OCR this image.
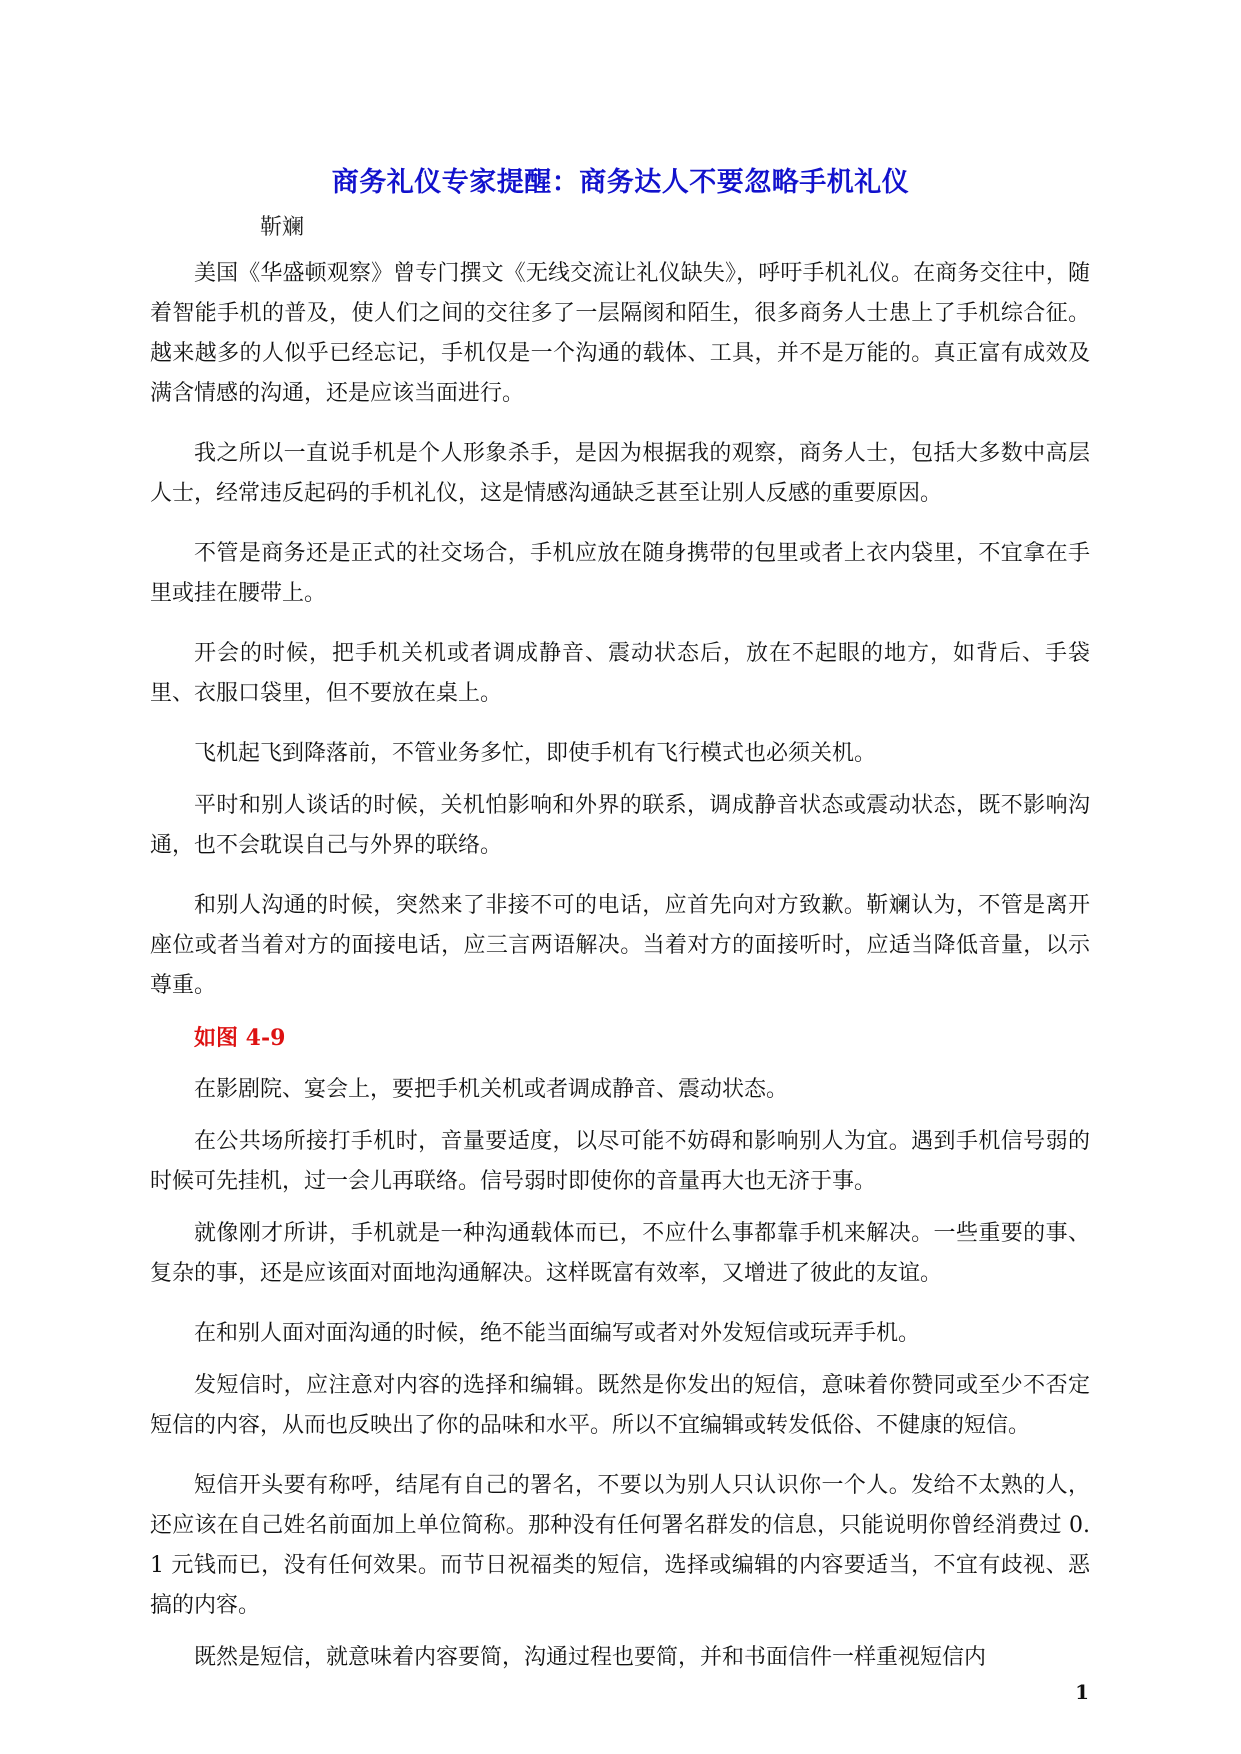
商务礼仪专家提醒：商务达人不要忽略手机礼仪
靳斓

美国《华盛顿观察》曾专门撰文《无线交流让礼仪缺失》，呼吁手机礼仪。在商务交往中，随着智能手机的普及，使人们之间的交往多了一层隔阂和陌生，很多商务人士患上了手机综合征。越来越多的人似乎已经忘记，手机仅是一个沟通的载体、工具，并不是万能的。真正富有成效及满含情感的沟通，还是应该当面进行。

我之所以一直说手机是个人形象杀手，是因为根据我的观察，商务人士，包括大多数中高层人士，经常违反起码的手机礼仪，这是情感沟通缺乏甚至让别人反感的重要原因。

不管是商务还是正式的社交场合，手机应放在随身携带的包里或者上衣内袋里，不宜拿在手里或挂在腰带上。

开会的时候，把手机关机或者调成静音、震动状态后，放在不起眼的地方，如背后、手袋里、衣服口袋里，但不要放在桌上。

飞机起飞到降落前，不管业务多忙，即使手机有飞行模式也必须关机。

平时和别人谈话的时候，关机怕影响和外界的联系，调成静音状态或震动状态，既不影响沟通，也不会耽误自己与外界的联络。

和别人沟通的时候，突然来了非接不可的电话，应首先向对方致歉。靳斓认为，不管是离开座位或者当着对方的面接电话，应三言两语解决。当着对方的面接听时，应适当降低音量，以示尊重。

如图 4-9

在影剧院、宴会上，要把手机关机或者调成静音、震动状态。

在公共场所接打手机时，音量要适度，以尽可能不妨碍和影响别人为宜。遇到手机信号弱的时候可先挂机，过一会儿再联络。信号弱时即使你的音量再大也无济于事。

就像刚才所讲，手机就是一种沟通载体而已，不应什么事都靠手机来解决。一些重要的事、复杂的事，还是应该面对面地沟通解决。这样既富有效率，又增进了彼此的友谊。

在和别人面对面沟通的时候，绝不能当面编写或者对外发短信或玩弄手机。

发短信时，应注意对内容的选择和编辑。既然是你发出的短信，意味着你赞同或至少不否定短信的内容，从而也反映出了你的品味和水平。所以不宜编辑或转发低俗、不健康的短信。

短信开头要有称呼，结尾有自己的署名，不要以为别人只认识你一个人。发给不太熟的人，还应该在自己姓名前面加上单位简称。那种没有任何署名群发的信息，只能说明你曾经消费过 0.1 元钱而已，没有任何效果。而节日祝福类的短信，选择或编辑的内容要适当，不宜有歧视、恶搞的内容。

既然是短信，就意味着内容要简，沟通过程也要简，并和书面信件一样重视短信内

1
